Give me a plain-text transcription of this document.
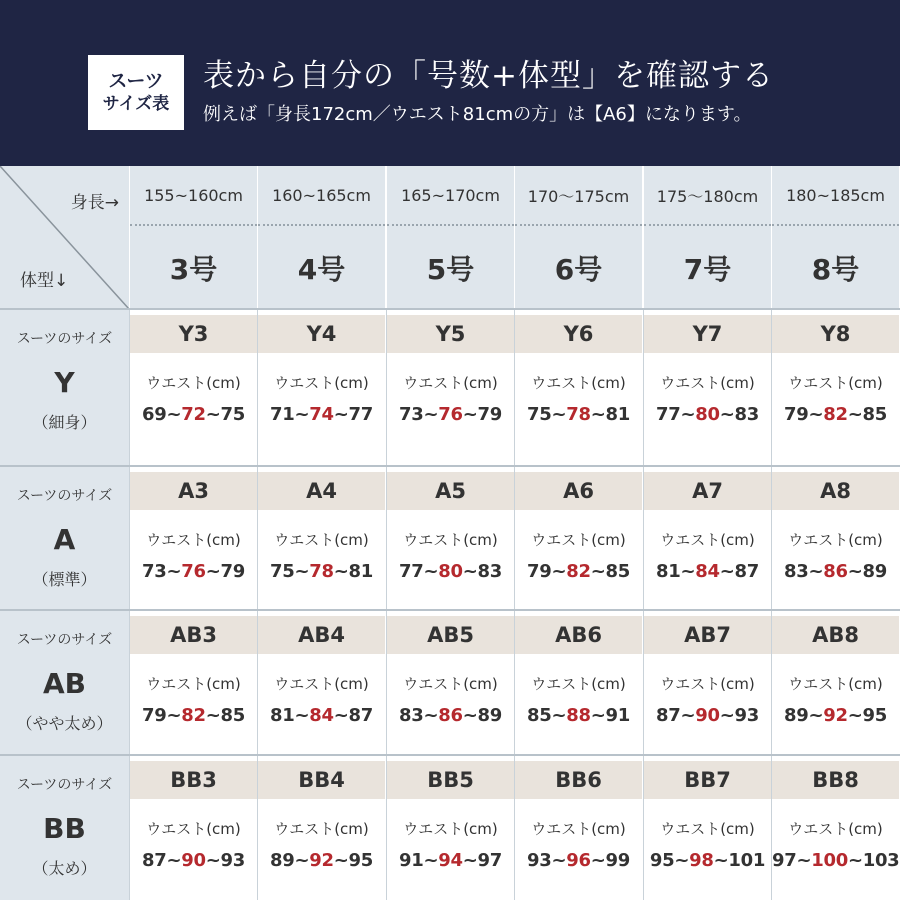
スーツ
サイズ表
表から自分の「号数+体型」を確認する
例えば「身長172cm／ウエスト81cmの方」は【A6】になります。
身長→
体型↓
155~160cm
3号
160~165cm
4号
165~170cm
5号
170〜175cm
6号
175〜180cm
7号
180~185cm
8号
スーツのサイズ
Y
（細身）
Y3
ウエスト(cm)
69~72~75
Y4
ウエスト(cm)
71~74~77
Y5
ウエスト(cm)
73~76~79
Y6
ウエスト(cm)
75~78~81
Y7
ウエスト(cm)
77~80~83
Y8
ウエスト(cm)
79~82~85
スーツのサイズ
A
（標準）
A3
ウエスト(cm)
73~76~79
A4
ウエスト(cm)
75~78~81
A5
ウエスト(cm)
77~80~83
A6
ウエスト(cm)
79~82~85
A7
ウエスト(cm)
81~84~87
A8
ウエスト(cm)
83~86~89
スーツのサイズ
AB
（やや太め）
AB3
ウエスト(cm)
79~82~85
AB4
ウエスト(cm)
81~84~87
AB5
ウエスト(cm)
83~86~89
AB6
ウエスト(cm)
85~88~91
AB7
ウエスト(cm)
87~90~93
AB8
ウエスト(cm)
89~92~95
スーツのサイズ
BB
（太め）
BB3
ウエスト(cm)
87~90~93
BB4
ウエスト(cm)
89~92~95
BB5
ウエスト(cm)
91~94~97
BB6
ウエスト(cm)
93~96~99
BB7
ウエスト(cm)
95~98~101
BB8
ウエスト(cm)
97~100~103
